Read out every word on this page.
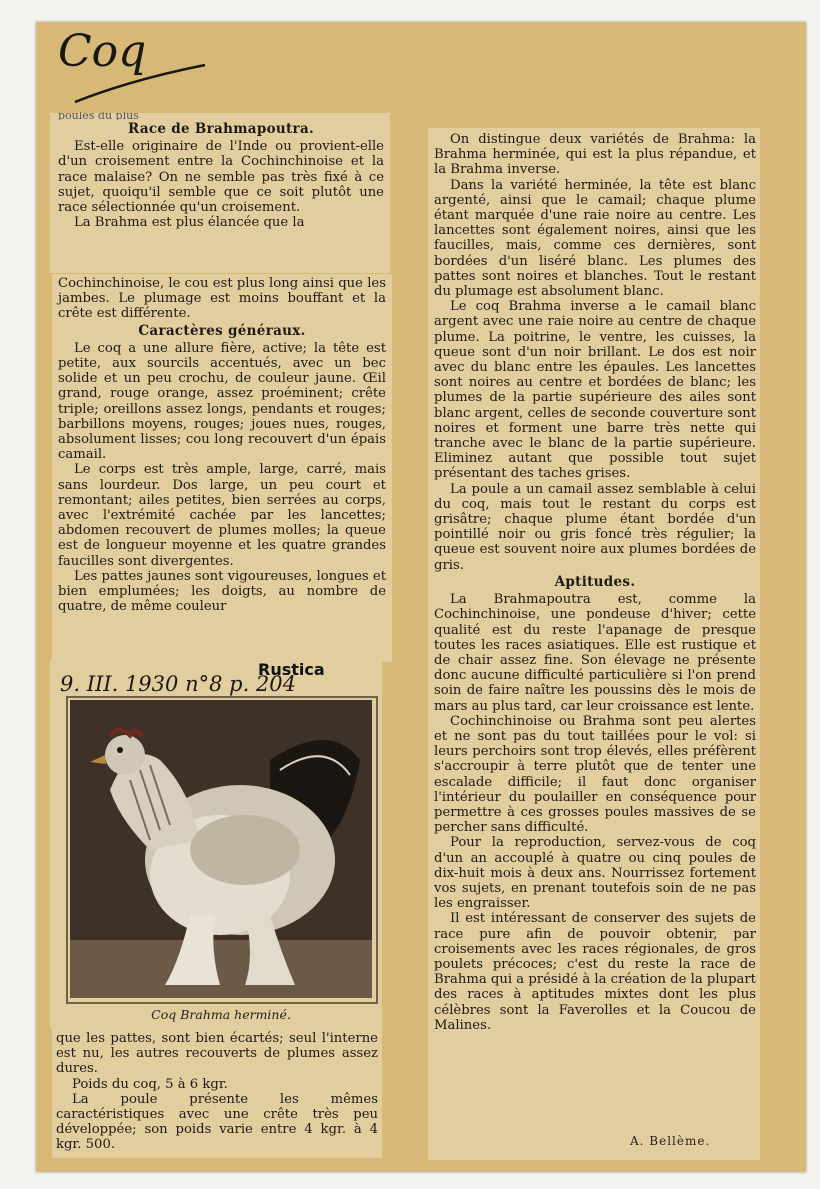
Coq
poules du plus
Race de Brahmapoutra.

Est-elle originaire de l'Inde ou provient-elle d'un croisement entre la Cochinchinoise et la race malaise? On ne semble pas très fixé à ce sujet, quoiqu'il semble que ce soit plutôt une race sélectionnée qu'un croisement.

La Brahma est plus élancée que la

Cochinchinoise, le cou est plus long ainsi que les jambes. Le plumage est moins bouffant et la crête est différente.

Caractères généraux.

Le coq a une allure fière, active; la tête est petite, aux sourcils accentués, avec un bec solide et un peu crochu, de couleur jaune. Œil grand, rouge orange, assez proéminent; crête triple; oreillons assez longs, pendants et rouges; barbillons moyens, rouges; joues nues, rouges, absolument lisses; cou long recouvert d'un épais camail.

Le corps est très ample, large, carré, mais sans lourdeur. Dos large, un peu court et remontant; ailes petites, bien serrées au corps, avec l'extrémité cachée par les lancettes; abdomen recouvert de plumes molles; la queue est de longueur moyenne et les quatre grandes faucilles sont divergentes.

Les pattes jaunes sont vigoureuses, longues et bien emplumées; les doigts, au nombre de quatre, de même couleur

Rustica
9. III. 1930 n°8 p. 204
Coq Brahma herminé.

que les pattes, sont bien écartés; seul l'interne est nu, les autres recouverts de plumes assez dures.

Poids du coq, 5 à 6 kgr.

La poule présente les mêmes caractéristiques avec une crête très peu développée; son poids varie entre 4 kgr. à 4 kgr. 500.

On distingue deux variétés de Brahma: la Brahma herminée, qui est la plus répandue, et la Brahma inverse.

Dans la variété herminée, la tête est blanc argenté, ainsi que le camail; chaque plume étant marquée d'une raie noire au centre. Les lancettes sont également noires, ainsi que les faucilles, mais, comme ces dernières, sont bordées d'un liséré blanc. Les plumes des pattes sont noires et blanches. Tout le restant du plumage est absolument blanc.

Le coq Brahma inverse a le camail blanc argent avec une raie noire au centre de chaque plume. La poitrine, le ventre, les cuisses, la queue sont d'un noir brillant. Le dos est noir avec du blanc entre les épaules. Les lancettes sont noires au centre et bordées de blanc; les plumes de la partie supérieure des ailes sont blanc argent, celles de seconde couverture sont noires et forment une barre très nette qui tranche avec le blanc de la partie supérieure. Eliminez autant que possible tout sujet présentant des taches grises.

La poule a un camail assez semblable à celui du coq, mais tout le restant du corps est grisâtre; chaque plume étant bordée d'un pointillé noir ou gris foncé très régulier; la queue est souvent noire aux plumes bordées de gris.

Aptitudes.

La Brahmapoutra est, comme la Cochinchinoise, une pondeuse d'hiver; cette qualité est du reste l'apanage de presque toutes les races asiatiques. Elle est rustique et de chair assez fine. Son élevage ne présente donc aucune difficulté particulière si l'on prend soin de faire naître les poussins dès le mois de mars au plus tard, car leur croissance est lente.

Cochinchinoise ou Brahma sont peu alertes et ne sont pas du tout taillées pour le vol: si leurs perchoirs sont trop élevés, elles préfèrent s'accroupir à terre plutôt que de tenter une escalade difficile; il faut donc organiser l'intérieur du poulailler en conséquence pour permettre à ces grosses poules massives de se percher sans difficulté.

Pour la reproduction, servez-vous de coq d'un an accouplé à quatre ou cinq poules de dix-huit mois à deux ans. Nourrissez fortement vos sujets, en prenant toutefois soin de ne pas les engraisser.

Il est intéressant de conserver des sujets de race pure afin de pouvoir obtenir, par croisements avec les races régionales, de gros poulets précoces; c'est du reste la race de Brahma qui a présidé à la création de la plupart des races à aptitudes mixtes dont les plus célèbres sont la Faverolles et la Coucou de Malines.

A. Bellème.
